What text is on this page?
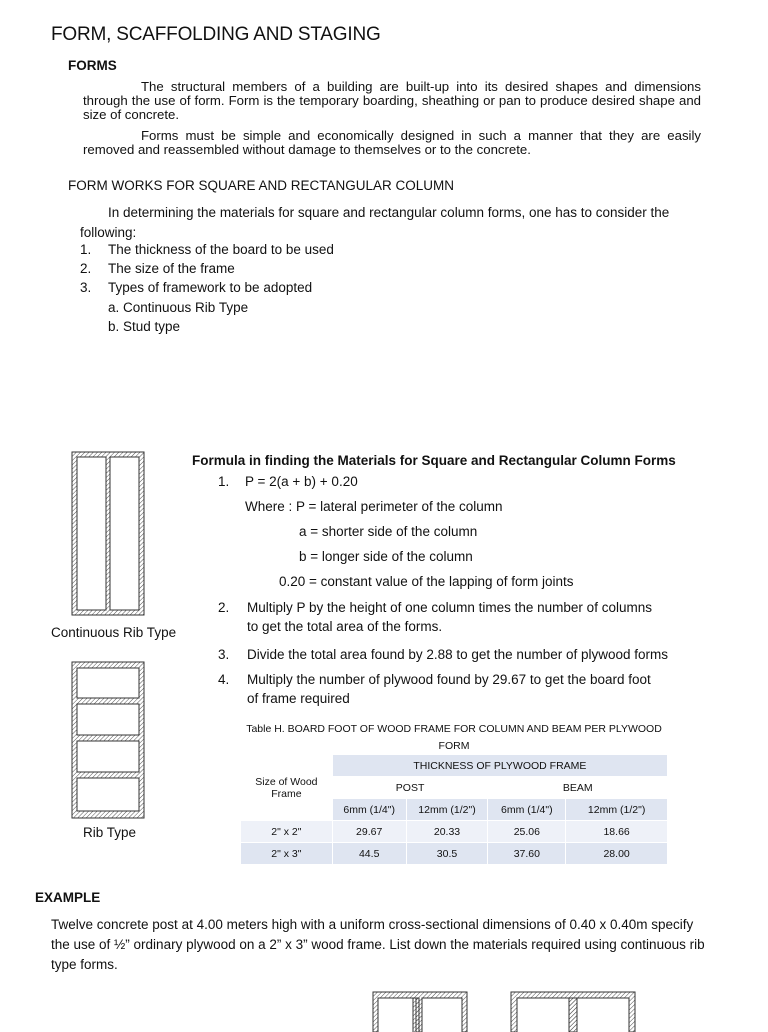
FORM, SCAFFOLDING AND STAGING
FORMS
The structural members of a building are built-up into its desired shapes and dimensions through the use of form. Form is the temporary boarding, sheathing or pan to produce desired shape and size of concrete.
Forms must be simple and economically designed in such a manner that they are easily removed and reassembled without damage to themselves or to the concrete.
FORM WORKS FOR SQUARE AND RECTANGULAR COLUMN
In determining the materials for square and rectangular column forms, one has to consider the following:
1. The thickness of the board to be used
2. The size of the frame
3. Types of framework to be adopted
a. Continuous Rib Type
b. Stud type
Continuous Rib Type
Rib Type
Formula in finding the Materials for Square and Rectangular Column Forms
1. P = 2(a + b) + 0.20
Where : P = lateral perimeter of the column
a = shorter side of the column
b = longer side of the column
0.20 = constant value of the lapping of form joints
2. Multiply P by the height of one column times the number of columns
to get the total area of the forms.
3. Divide the total area found by 2.88 to get the number of plywood forms
4. Multiply the number of plywood found by 29.67 to get the board foot
of frame required
Table H. BOARD FOOT OF WOOD FRAME FOR COLUMN AND BEAM PER PLYWOOD				
FORM				
Size of Wood Frame	THICKNESS OF PLYWOOD FRAME			
	POST		BEAM	
	6mm (1/4")	12mm (1/2")	6mm (1/4")	12mm (1/2")
2" x 2"	29.67	20.33	25.06	18.66
2" x 3"	44.5	30.5	37.60	28.00
EXAMPLE
Twelve concrete post at 4.00 meters high with a uniform cross-sectional dimensions of 0.40 x 0.40m specify the use of ½” ordinary plywood on a 2” x 3” wood frame. List down the materials required using continuous rib type forms.
